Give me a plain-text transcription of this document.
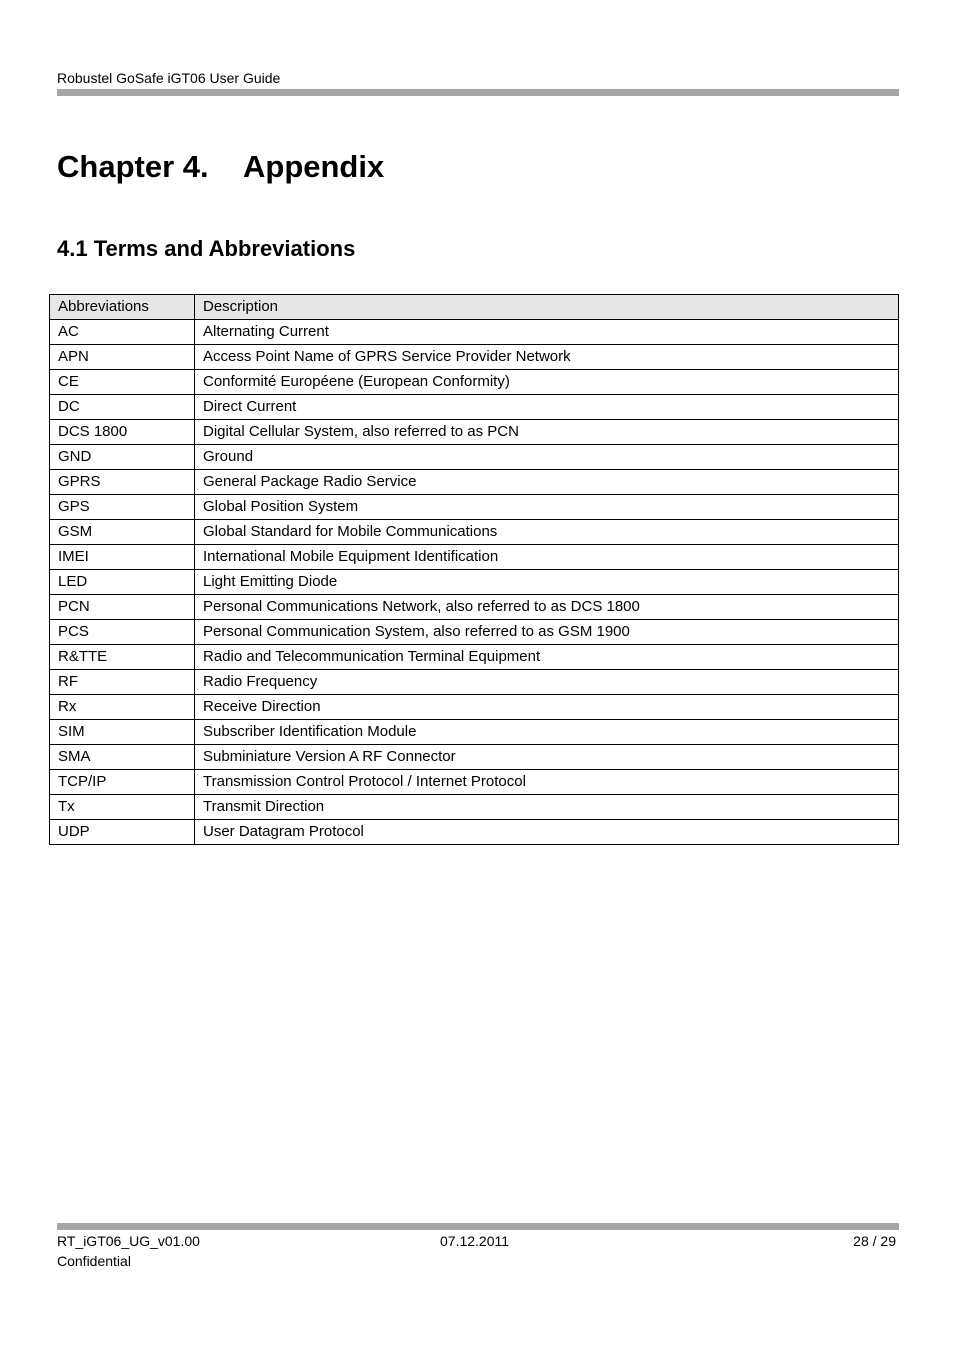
Robustel GoSafe iGT06 User Guide
Chapter 4. Appendix
4.1 Terms and Abbreviations
Abbreviations	Description
AC	Alternating Current
APN	Access Point Name of GPRS Service Provider Network
CE	Conformité Européene (European Conformity)
DC	Direct Current
DCS 1800	Digital Cellular System, also referred to as PCN
GND	Ground
GPRS	General Package Radio Service
GPS	Global Position System
GSM	Global Standard for Mobile Communications
IMEI	International Mobile Equipment Identification
LED	Light Emitting Diode
PCN	Personal Communications Network, also referred to as DCS 1800
PCS	Personal Communication System, also referred to as GSM 1900
R&TTE	Radio and Telecommunication Terminal Equipment
RF	Radio Frequency
Rx	Receive Direction
SIM	Subscriber Identification Module
SMA	Subminiature Version A RF Connector
TCP/IP	Transmission Control Protocol / Internet Protocol
Tx	Transmit Direction
UDP	User Datagram Protocol
RT_iGT06_UG_v01.00
Confidential
07.12.2011	28 / 29
